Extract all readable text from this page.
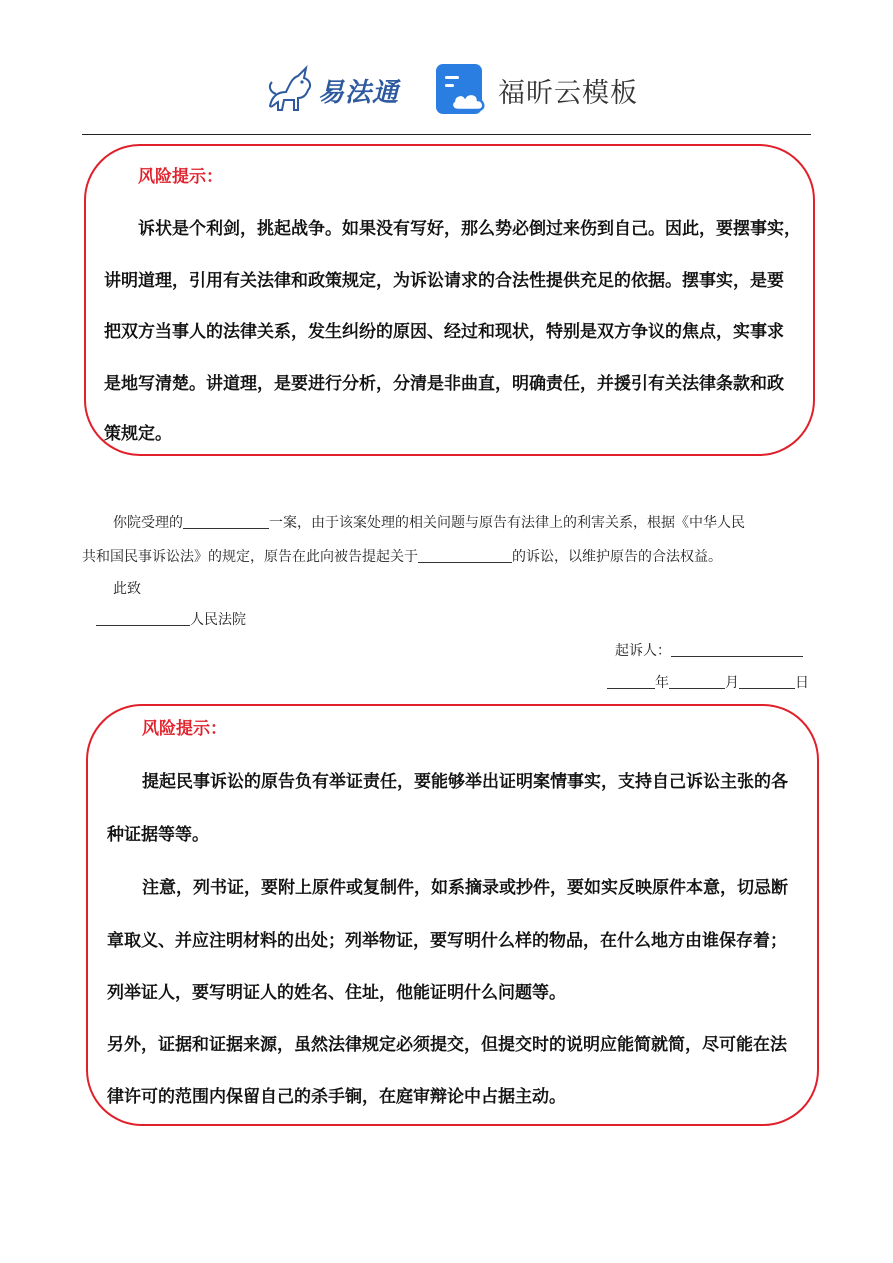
易法通	福昕云模板
风险提示：
诉状是个利剑，挑起战争。如果没有写好，那么势必倒过来伤到自己。因此，要摆事实，
讲明道理，引用有关法律和政策规定，为诉讼请求的合法性提供充足的依据。摆事实，是要
把双方当事人的法律关系，发生纠纷的原因、经过和现状，特别是双方争议的焦点，实事求
是地写清楚。讲道理，是要进行分析，分清是非曲直，明确责任，并援引有关法律条款和政
策规定。
你院受理的	一案，由于该案处理的相关问题与原告有法律上的利害关系，根据《中华人民
共和国民事诉讼法》的规定，原告在此向被告提起关于	的诉讼，以维护原告的合法权益。
此致
人民法院
起诉人：
年	月	日
风险提示：
提起民事诉讼的原告负有举证责任，要能够举出证明案情事实，支持自己诉讼主张的各
种证据等等。
注意，列书证，要附上原件或复制件，如系摘录或抄件，要如实反映原件本意，切忌断
章取义、并应注明材料的出处；列举物证，要写明什么样的物品，在什么地方由谁保存着；
列举证人，要写明证人的姓名、住址，他能证明什么问题等。
另外，证据和证据来源，虽然法律规定必须提交，但提交时的说明应能简就简，尽可能在法
律许可的范围内保留自己的杀手锏，在庭审辩论中占据主动。
